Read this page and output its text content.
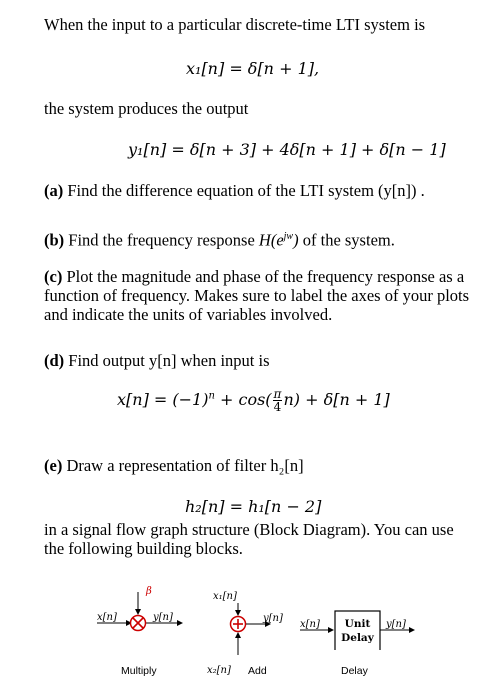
When the input to a particular discrete-time LTI system is
x₁[n] = δ[n + 1],
the system produces the output
y₁[n] = δ[n + 3] + 4δ[n + 1] + δ[n − 1]
(a) Find the difference equation of the LTI system (y[n]) .
(b) Find the frequency response $H(e^{jw})$ of the system.
(c) Plot the magnitude and phase of the frequency response as a function of frequency. Makes sure to label the axes of your plots and indicate the units of variables involved.
(d) Find output y[n] when input is
$x[n] = (-1)^n + \cos( \frac{\pi}{4} n) + \delta[n + 1]$
(e) Draw a representation of filter h₂[n]
h₂[n] = h₁[n − 2]
in a signal flow graph structure (Block Diagram). You can use the following building blocks.
β
x[n]	y[n]
Multiply
x₁[n]
y[n]
x₂[n] Add
x[n] Unit
Delay
y[n]
Delay
